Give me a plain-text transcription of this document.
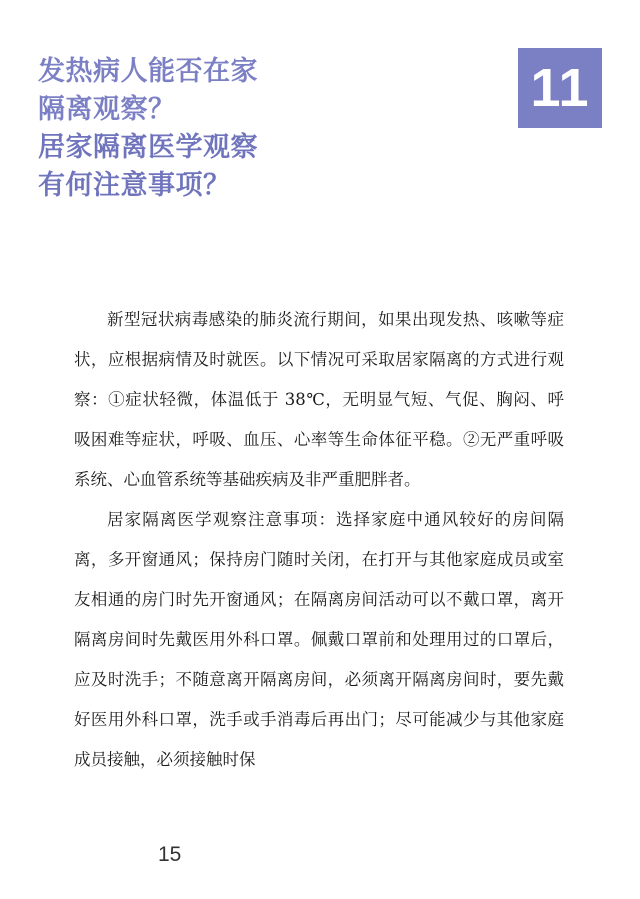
发热病人能否在家
隔离观察？
居家隔离医学观察
有何注意事项？
11

新型冠状病毒感染的肺炎流行期间，如果出现发热、咳嗽等症状，应根据病情及时就医。以下情况可采取居家隔离的方式进行观察：①症状轻微，体温低于 38℃，无明显气短、气促、胸闷、呼吸困难等症状，呼吸、血压、心率等生命体征平稳。②无严重呼吸系统、心血管系统等基础疾病及非严重肥胖者。

居家隔离医学观察注意事项：选择家庭中通风较好的房间隔离，多开窗通风；保持房门随时关闭，在打开与其他家庭成员或室友相通的房门时先开窗通风；在隔离房间活动可以不戴口罩，离开隔离房间时先戴医用外科口罩。佩戴口罩前和处理用过的口罩后，应及时洗手；不随意离开隔离房间，必须离开隔离房间时，要先戴好医用外科口罩，洗手或手消毒后再出门；尽可能减少与其他家庭成员接触，必须接触时保

15
